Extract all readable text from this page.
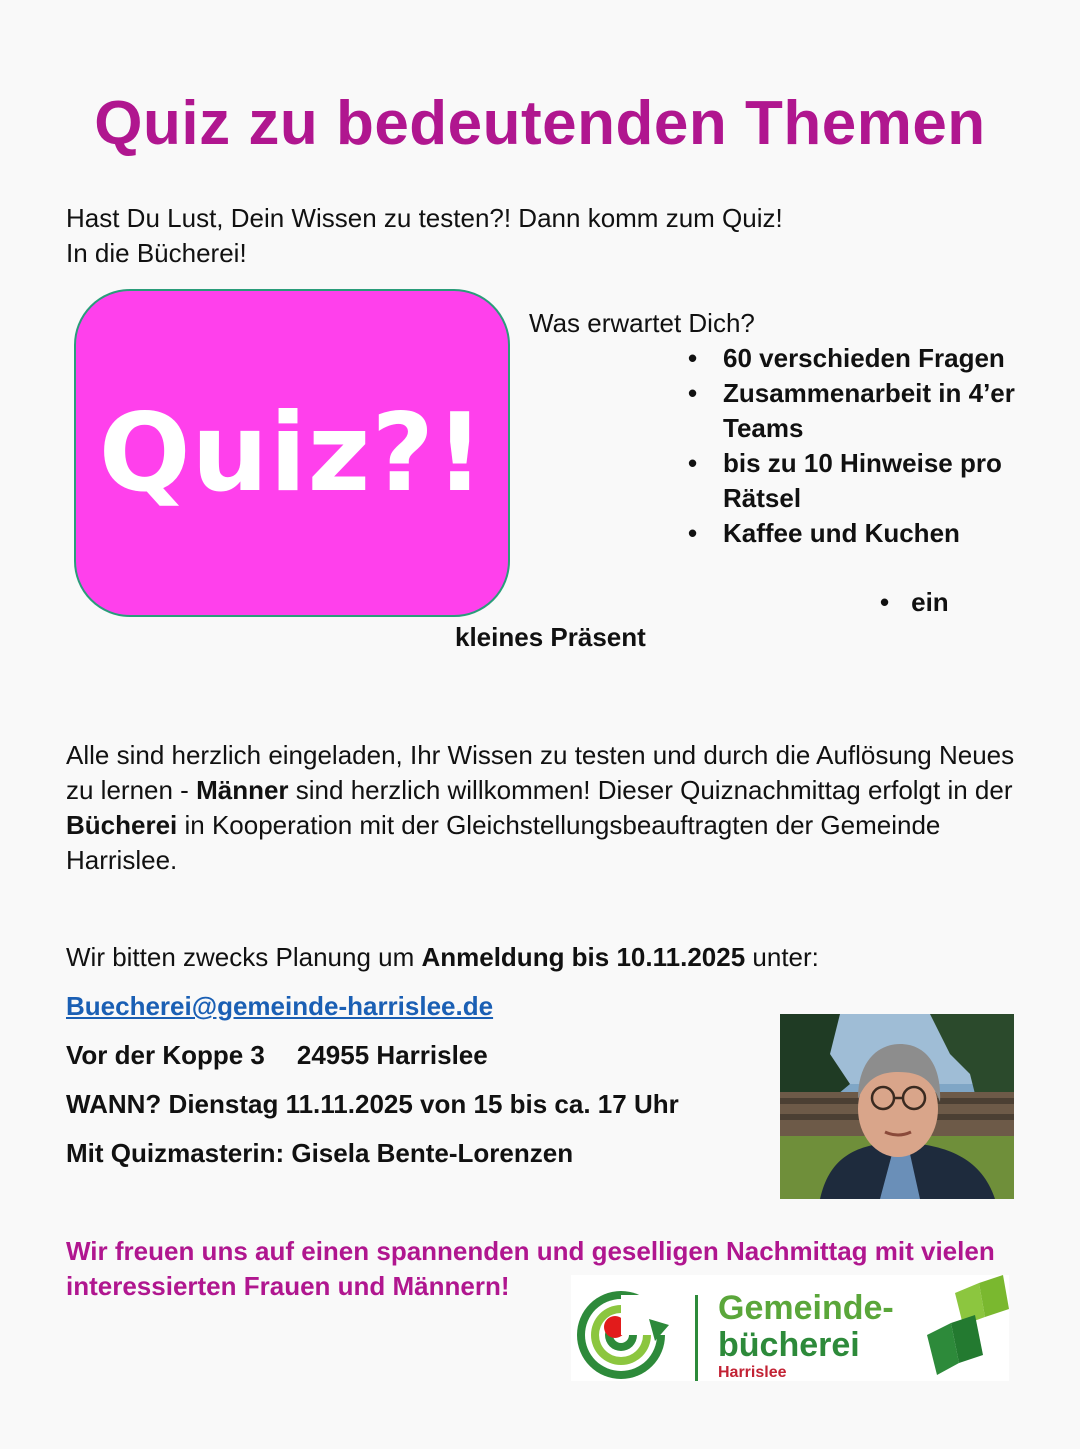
Quiz zu bedeutenden Themen
Hast Du Lust, Dein Wissen zu testen?! Dann komm zum Quiz!
In die Bücherei!
Quiz?!
Was erwartet Dich?
• 60 verschieden Fragen
• Zusammenarbeit in 4’er Teams
• bis zu 10 Hinweise pro Rätsel
• Kaffee und Kuchen
• ein
kleines Präsent
Alle sind herzlich eingeladen, Ihr Wissen zu testen und durch die Auflösung Neues zu lernen - Männer sind herzlich willkommen! Dieser Quiznachmittag erfolgt in der Bücherei in Kooperation mit der Gleichstellungsbeauftragten der Gemeinde Harrislee.
Wir bitten zwecks Planung um Anmeldung bis 10.11.2025 unter:
Buecherei@gemeinde-harrislee.de
Vor der Koppe 3 24955 Harrislee
WANN? Dienstag 11.11.2025 von 15 bis ca. 17 Uhr
Mit Quizmasterin: Gisela Bente-Lorenzen
Wir freuen uns auf einen spannenden und geselligen Nachmittag mit vielen interessierten Frauen und Männern!
Gemeinde-
bücherei
Harrislee
